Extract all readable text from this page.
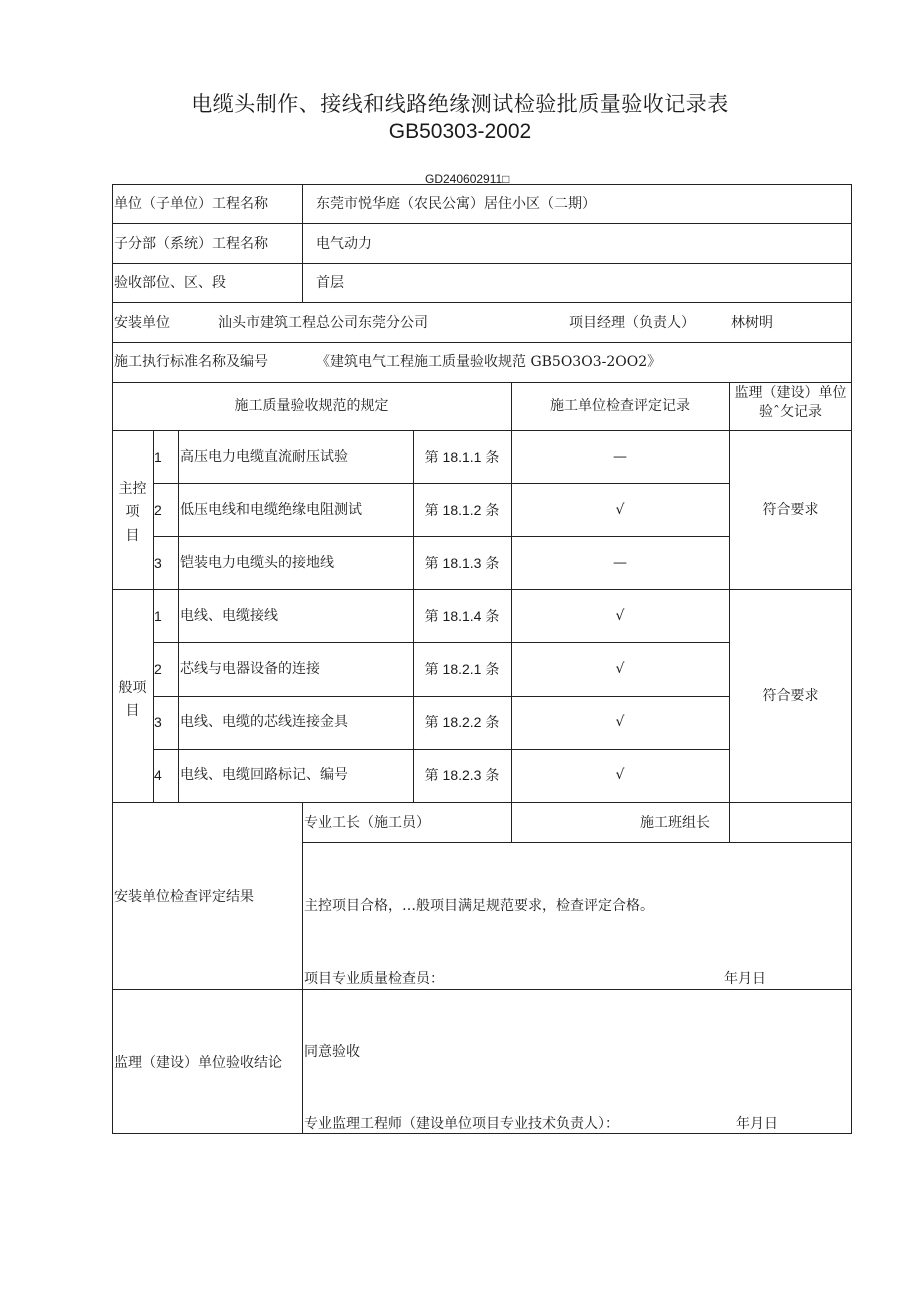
电缆头制作、接线和线路绝缘测试检验批质量验收记录表
GB50303-2002
GD240602911□
单位（子单位）工程名称	东莞市悦华庭（农民公寓）居住小区（二期）
子分部（系统）工程名称	电气动力
验收部位、区、段	首层
安装单位	汕头市建筑工程总公司东莞分公司	项目经理（负责人）	林树明
施工执行标准名称及编号	《建筑电气工程施工质量验收规范 GB5O3O3-2OO2》
施工质量验收规范的规定	施工单位检查评定记录
监理（建设）单位
验ˆ攵记录
主控
项
目
1 高压电力电缆直流耐压试验	第 18.1.1 条	—
2 低压电线和电缆绝缘电阻测试	第 18.1.2 条	√
3 铠装电力电缆头的接地线	第 18.1.3 条	—
符合要求
般项
目
1 电线、电缆接线	第 18.1.4 条	√
2 芯线与电器设备的连接	第 18.2.1 条	√
3 电线、电缆的芯线连接金具	第 18.2.2 条	√
4 电线、电缆回路标记、编号	第 18.2.3 条	√
符合要求
安装单位检查评定结果
专业工长（施工员）	施工班组长
主控项目合格，…般项目满足规范要求，检查评定合格。
项目专业质量检查员：	年月日
监理（建设）单位验收结论
同意验收
专业监理工程师（建设单位项目专业技术负责人）：	年月日
